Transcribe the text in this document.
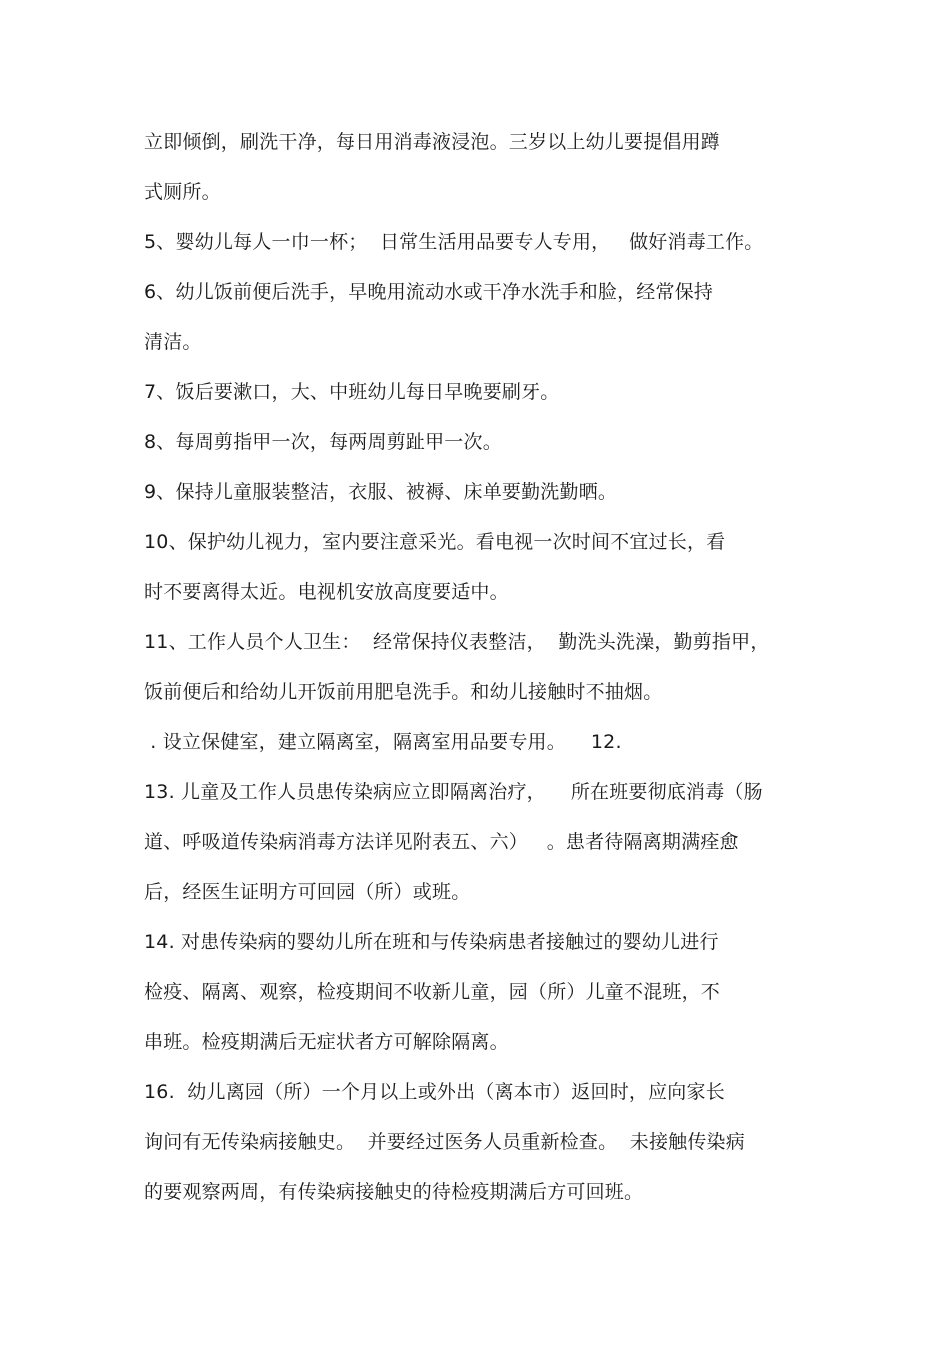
立即倾倒，刷洗干净，每日用消毒液浸泡。三岁以上幼儿要提倡用蹲
式厕所。
5、婴幼儿每人一巾一杯；  日常生活用品要专人专用，   做好消毒工作。
6、幼儿饭前便后洗手，早晚用流动水或干净水洗手和脸，经常保持
清洁。
7、饭后要漱口，大、中班幼儿每日早晚要刷牙。
8、每周剪指甲一次，每两周剪趾甲一次。
9、保持儿童服装整洁，衣服、被褥、床单要勤洗勤晒。
10、保护幼儿视力，室内要注意采光。看电视一次时间不宜过长，看
时不要离得太近。电视机安放高度要适中。
11、工作人员个人卫生：  经常保持仪表整洁，  勤洗头洗澡，勤剪指甲，
饭前便后和给幼儿开饭前用肥皂洗手。和幼儿接触时不抽烟。
. 设立保健室，建立隔离室，隔离室用品要专用。    12.
13. 儿童及工作人员患传染病应立即隔离治疗，    所在班要彻底消毒（肠
道、呼吸道传染病消毒方法详见附表五、六）   。患者待隔离期满痊愈
后，经医生证明方可回园（所）或班。
14. 对患传染病的婴幼儿所在班和与传染病患者接触过的婴幼儿进行
检疫、隔离、观察，检疫期间不收新儿童，园（所）儿童不混班，不
串班。检疫期满后无症状者方可解除隔离。
16.  幼儿离园（所）一个月以上或外出（离本市）返回时，应向家长
询问有无传染病接触史。  并要经过医务人员重新检查。  未接触传染病
的要观察两周，有传染病接触史的待检疫期满后方可回班。
